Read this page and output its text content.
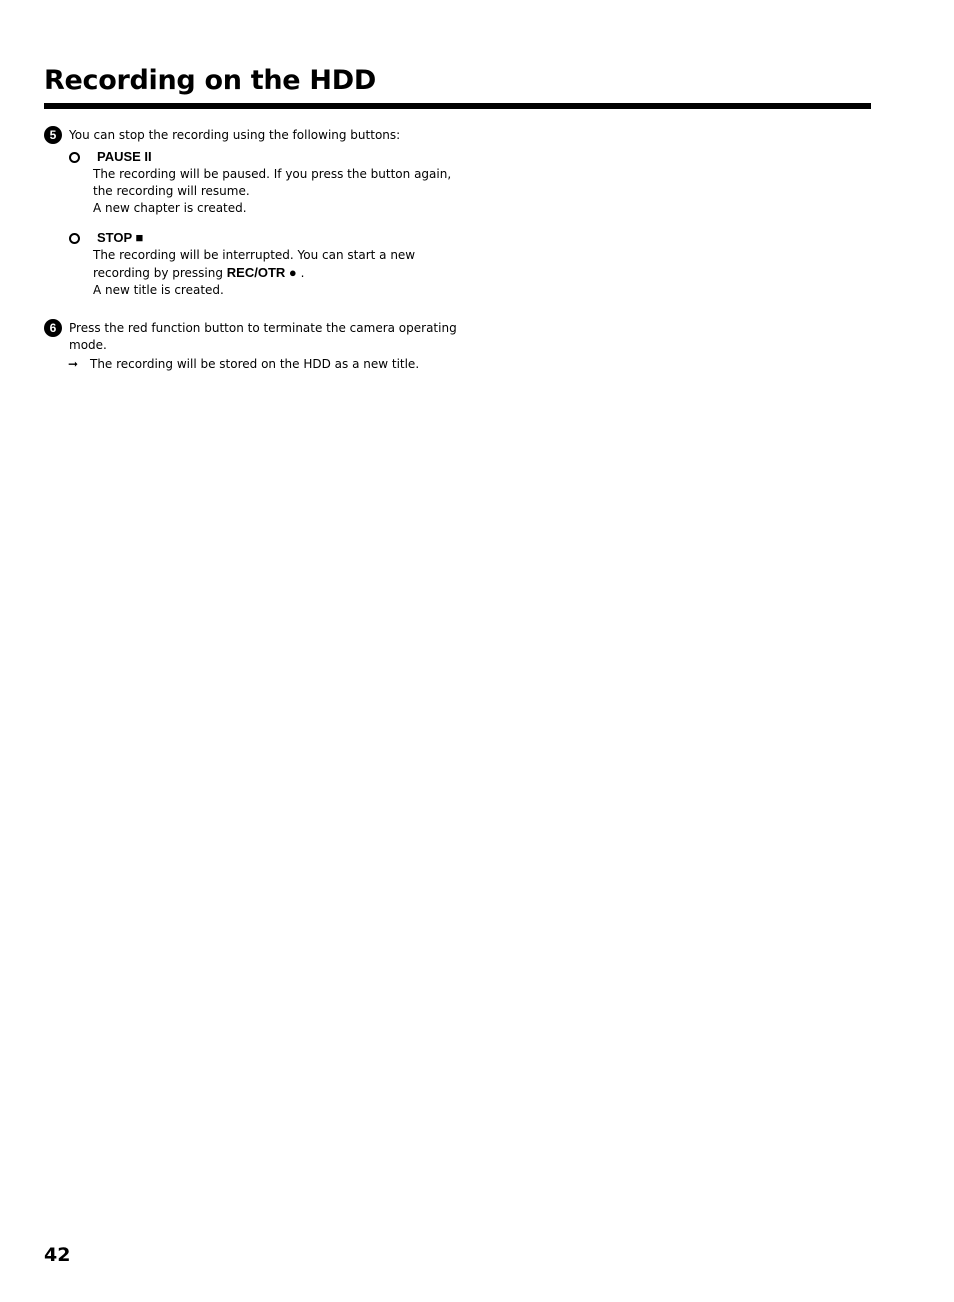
Recording on the HDD
5	You can stop the recording using the following buttons:
PAUSE II
The recording will be paused. If you press the button again,
the recording will resume.
A new chapter is created.
STOP ■
The recording will be interrupted. You can start a new
recording by pressing REC/OTR ● .
A new title is created.
6	Press the red function button to terminate the camera operating
mode.
➞ The recording will be stored on the HDD as a new title.
42
